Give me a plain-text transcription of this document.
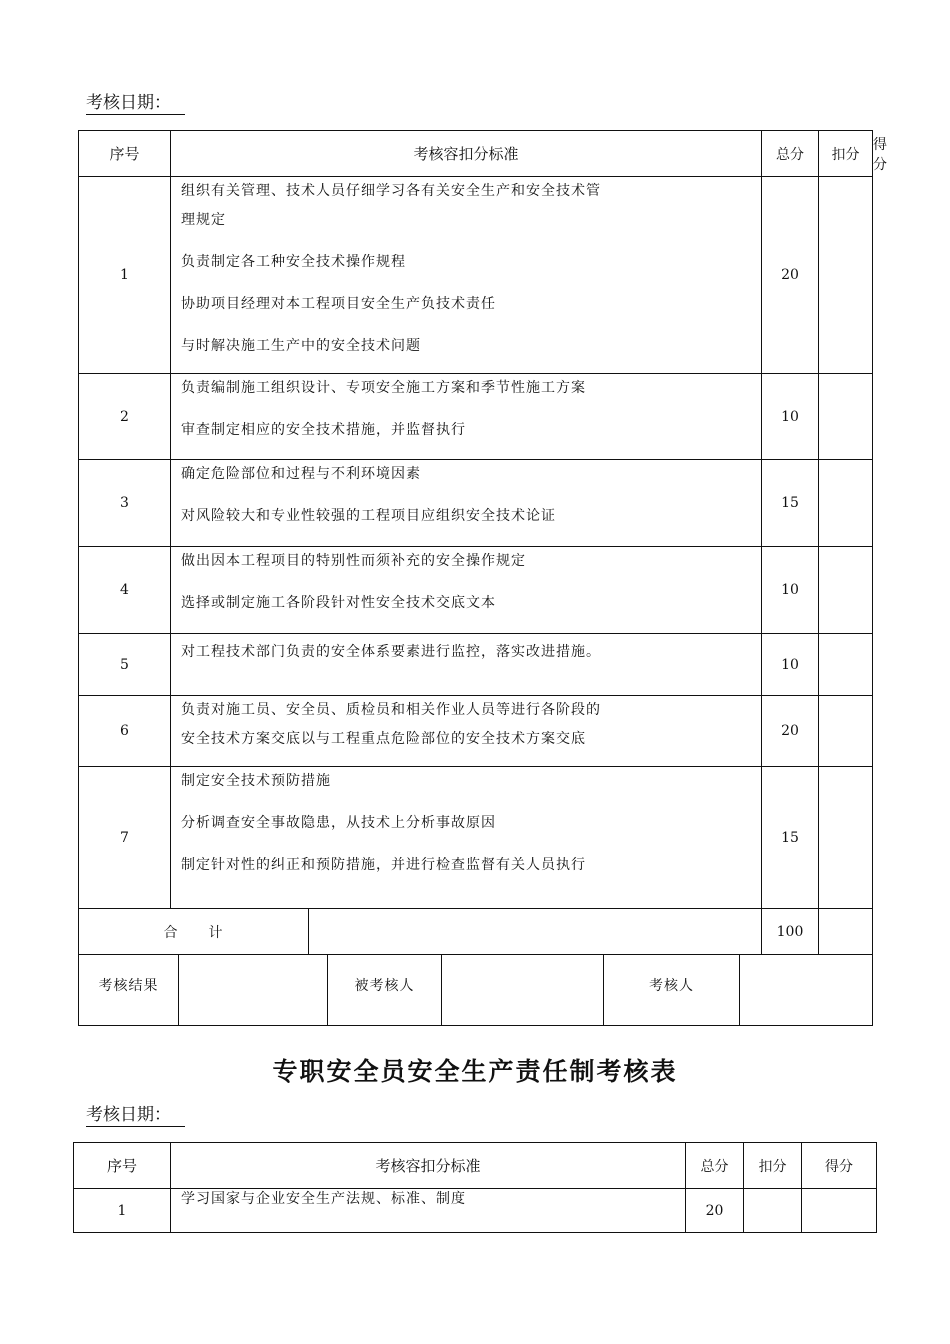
考核日期：
序号	考核容扣分标准		总分	扣分	得分
1	组织有关管理、技术人员仔细学习各有关安全生产和安全技术管
理规定
负责制定各工种安全技术操作规程
协助项目经理对本工程项目安全生产负技术责任
与时解决施工生产中的安全技术问题		20		
2	负责编制施工组织设计、专项安全施工方案和季节性施工方案
审查制定相应的安全技术措施，并监督执行		10		
3	确定危险部位和过程与不利环境因素
对风险较大和专业性较强的工程项目应组织安全技术论证		15		
4	做出因本工程项目的特别性而须补充的安全操作规定
选择或制定施工各阶段针对性安全技术交底文本		10		
5	对工程技术部门负责的安全体系要素进行监控，落实改进措施。		10		
6	负责对施工员、安全员、质检员和相关作业人员等进行各阶段的
安全技术方案交底以与工程重点危险部位的安全技术方案交底		20		
7	制定安全技术预防措施
分析调查安全事故隐患，从技术上分析事故原因
制定针对性的纠正和预防措施，并进行检查监督有关人员执行		15		
合　　计			100		
考核结果		被考核人		考核人	
专职安全员安全生产责任制考核表
考核日期：
序号	考核容扣分标准	总分	扣分	得分
1	学习国家与企业安全生产法规、标准、制度	20		
